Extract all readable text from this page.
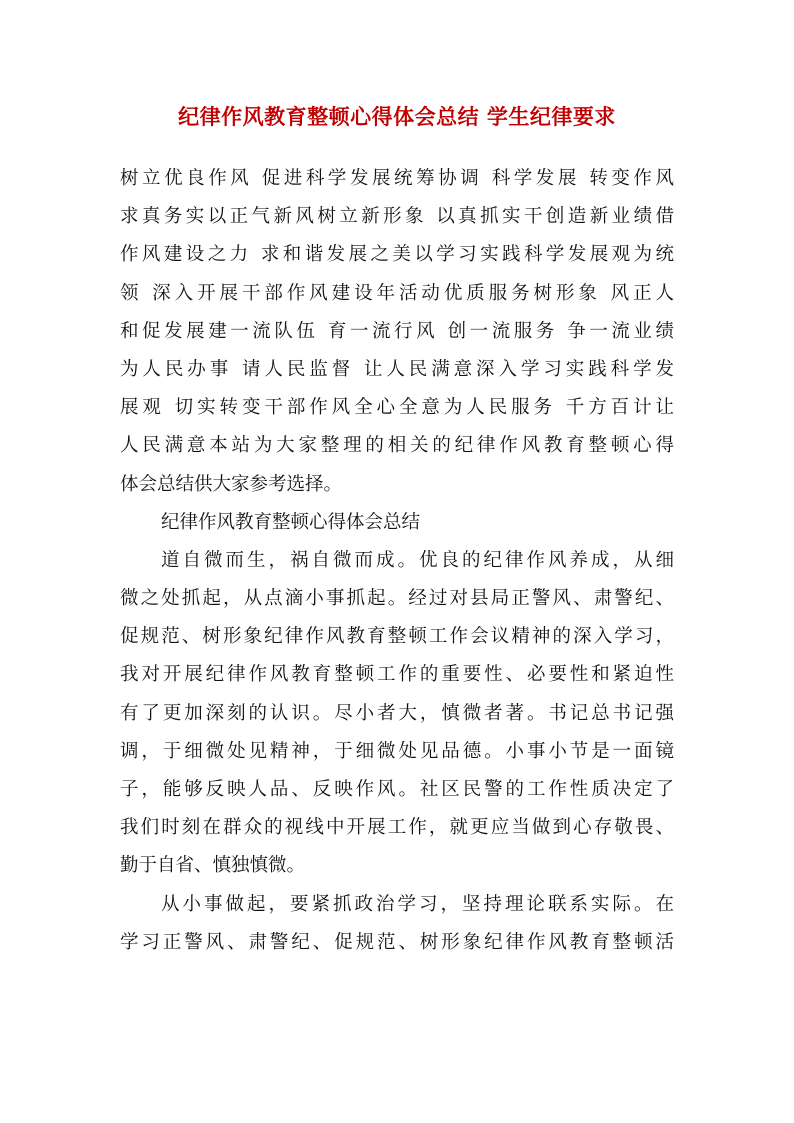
纪律作风教育整顿心得体会总结 学生纪律要求
树立优良作风 促进科学发展统筹协调 科学发展 转变作风
求真务实以正气新风树立新形象 以真抓实干创造新业绩借
作风建设之力 求和谐发展之美以学习实践科学发展观为统
领 深入开展干部作风建设年活动优质服务树形象 风正人
和促发展建一流队伍 育一流行风 创一流服务 争一流业绩
为人民办事 请人民监督 让人民满意深入学习实践科学发
展观 切实转变干部作风全心全意为人民服务 千方百计让
人民满意本站为大家整理的相关的纪律作风教育整顿心得
体会总结供大家参考选择。
纪律作风教育整顿心得体会总结
道自微而生，祸自微而成。优良的纪律作风养成，从细
微之处抓起，从点滴小事抓起。经过对县局正警风、肃警纪、
促规范、树形象纪律作风教育整顿工作会议精神的深入学习，
我对开展纪律作风教育整顿工作的重要性、必要性和紧迫性
有了更加深刻的认识。尽小者大，慎微者著。书记总书记强
调，于细微处见精神，于细微处见品德。小事小节是一面镜
子，能够反映人品、反映作风。社区民警的工作性质决定了
我们时刻在群众的视线中开展工作，就更应当做到心存敬畏、
勤于自省、慎独慎微。
从小事做起，要紧抓政治学习，坚持理论联系实际。在
学习正警风、肃警纪、促规范、树形象纪律作风教育整顿活
